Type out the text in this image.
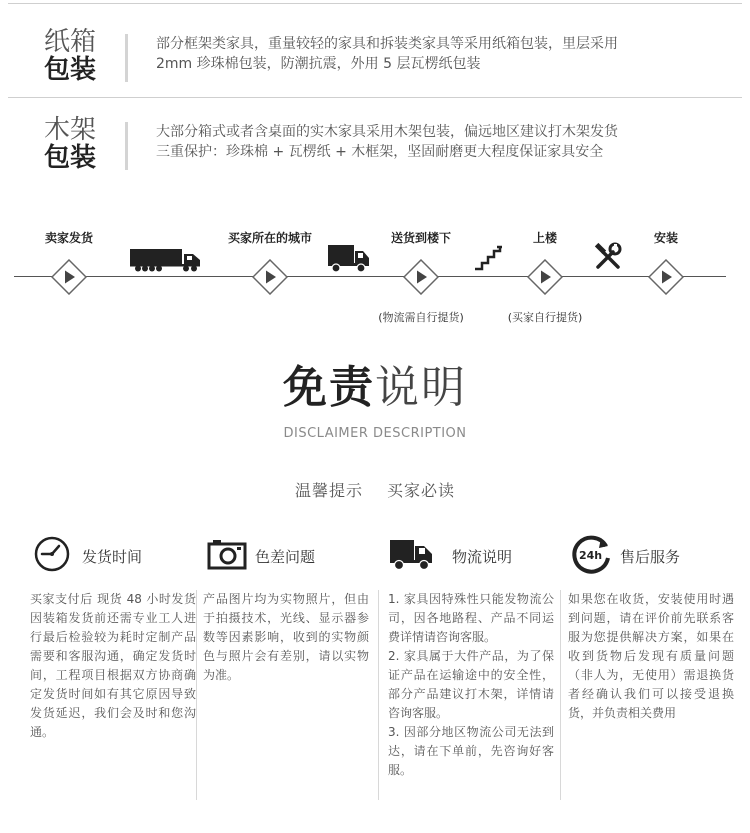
纸箱
包装
部分框架类家具，重量较轻的家具和拆装类家具等采用纸箱包装，里层采用
2mm 珍珠棉包装，防潮抗震，外用 5 层瓦楞纸包装
木架
包装
大部分箱式或者含桌面的实木家具采用木架包装，偏远地区建议打木架发货
三重保护：珍珠棉 + 瓦楞纸 + 木框架，坚固耐磨更大程度保证家具安全
卖家发货	买家所在的城市	送货到楼下	上楼	安装
(物流需自行提货)	(买家自行提货)
免责说明
DISCLAIMER DESCRIPTION
温馨提示 买家必读
发货时间
买家支付后 现货 48 小时发货 因装箱发货前还需专业工人进行最后检验较为耗时定制产品需要和客服沟通，确定发货时间，工程项目根据双方协商确定发货时间如有其它原因导致发货延迟，我们会及时和您沟通。
色差问题
产品图片均为实物照片，但由于拍摄技术，光线、显示器参数等因素影响，收到的实物颜色与照片会有差别，请以实物为准。
物流说明
1. 家具因特殊性只能发物流公司，因各地路程、产品不同运费详情请咨询客服。
2. 家具属于大件产品，为了保证产品在运输途中的安全性，部分产品建议打木架，详情请咨询客服。
3. 因部分地区物流公司无法到达，请在下单前，先咨询好客服。
24h 售后服务
如果您在收货，安装使用时遇到问题，请在评价前先联系客服为您提供解决方案，如果在收到货物后发现有质量问题（非人为，无使用）需退换货者经确认我们可以接受退换货，并负责相关费用
